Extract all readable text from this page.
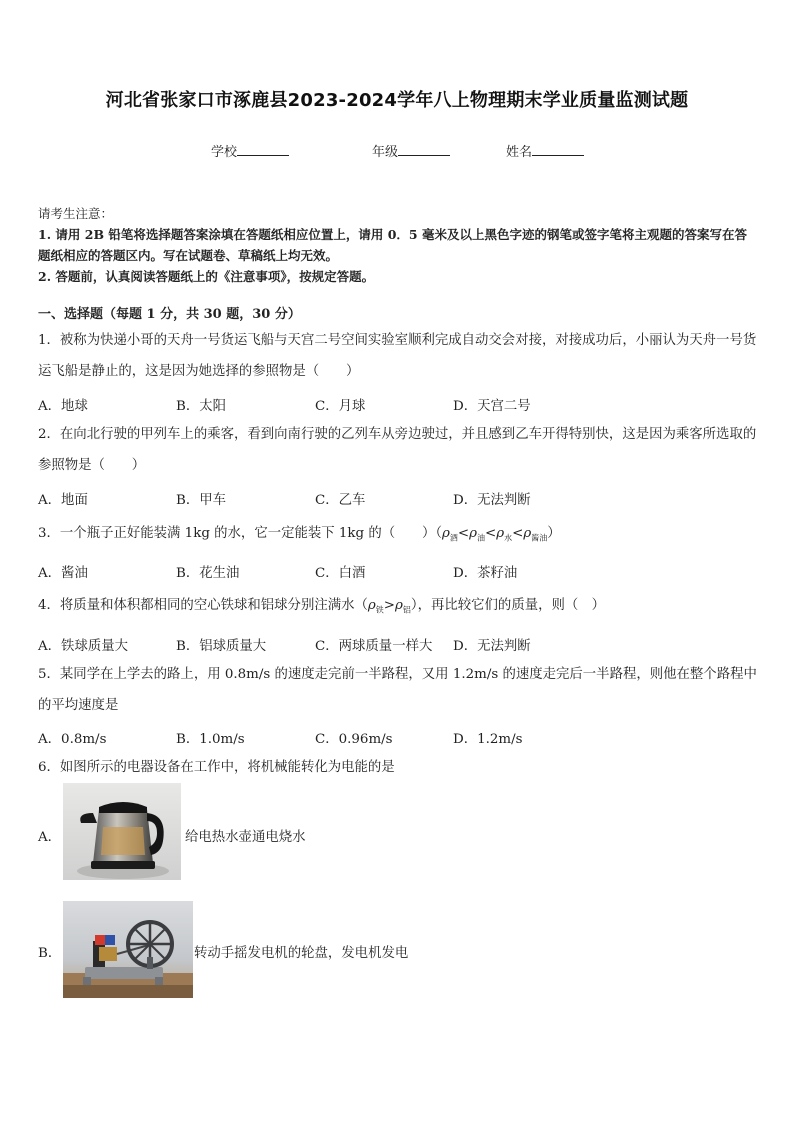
河北省张家口市涿鹿县2023-2024学年八上物理期末学业质量监测试题
学校	年级	姓名
请考生注意：
1. 请用 2B 铅笔将选择题答案涂填在答题纸相应位置上，请用 0．5 毫米及以上黑色字迹的钢笔或签字笔将主观题的答案写在答题纸相应的答题区内。写在试题卷、草稿纸上均无效。
2. 答题前，认真阅读答题纸上的《注意事项》，按规定答题。
一、选择题（每题 1 分，共 30 题，30 分）
1．被称为快递小哥的天舟一号货运飞船与天宫二号空间实验室顺利完成自动交会对接，对接成功后，小丽认为天舟一号货运飞船是静止的，这是因为她选择的参照物是（　　）
A．地球	B．太阳	C．月球	D．天宫二号
2．在向北行驶的甲列车上的乘客，看到向南行驶的乙列车从旁边驶过，并且感到乙车开得特别快，这是因为乘客所选取的参照物是（　　）
A．地面	B．甲车	C．乙车	D．无法判断
3．一个瓶子正好能装满 1kg 的水，它一定能装下 1kg 的（　　）$(\rho_酒<\rho_油<\rho_水<\rho_{酱油})$
A．酱油	B．花生油	C．白酒	D．茶籽油
4．将质量和体积都相同的空心铁球和铝球分别注满水$(\rho_铁>\rho_铝)$，再比较它们的质量，则（　）
A．铁球质量大	B．铝球质量大	C．两球质量一样大 D．无法判断
5．某同学在上学去的路上，用 0.8m/s 的速度走完前一半路程，又用 1.2m/s 的速度走完后一半路程，则他在整个路程中的平均速度是
A．0.8m/s	B．1.0m/s	C．0.96m/s	D．1.2m/s
6．如图所示的电器设备在工作中，将机械能转化为电能的是
A．	给电热水壶通电烧水
B．	转动手摇发电机的轮盘，发电机发电
